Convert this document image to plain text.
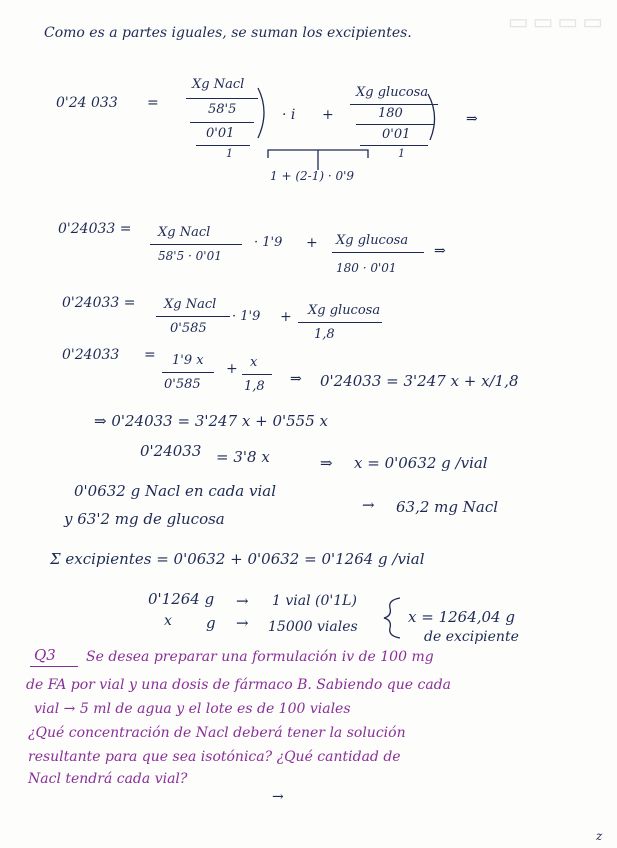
▭▭▭▭
Como es a partes iguales, se suman los excipientes.
0'24 033 =
Xg Nacl
58'5
0'01
1
· i +
Xg glucosa
180
0'01
1
⇒
1 + (2-1) · 0'9
0'24033 = Xg Nacl
58'5 · 0'01
· 1'9 + Xg glucosa
180 · 0'01
⇒
0'24033 = Xg Nacl
0'585
· 1'9 + Xg glucosa
1,8
0'24033 = 1'9 x
0'585
+ x
1,8 ⇒ 0'24033 = 3'247 x + x/1,8
⇒ 0'24033 = 3'247 x + 0'555 x
0'24033 = 3'8 x	⇒ x = 0'0632 g /vial
0'0632 g Nacl en cada vial
→ 63,2 mg Nacl
y 63'2 mg de glucosa
Σ excipientes = 0'0632 + 0'0632 = 0'1264 g /vial
0'1264 g → 1 vial (0'1L)
x g → 15000 viales
x = 1264,04 g
de excipiente
Q3 Se desea preparar una formulación iv de 100 mg
de FA por vial y una dosis de fármaco B. Sabiendo que cada
vial → 5 ml de agua y el lote es de 100 viales
¿Qué concentración de Nacl deberá tener la solución
resultante para que sea isotónica? ¿Qué cantidad de
Nacl tendrá cada vial?
→
z
